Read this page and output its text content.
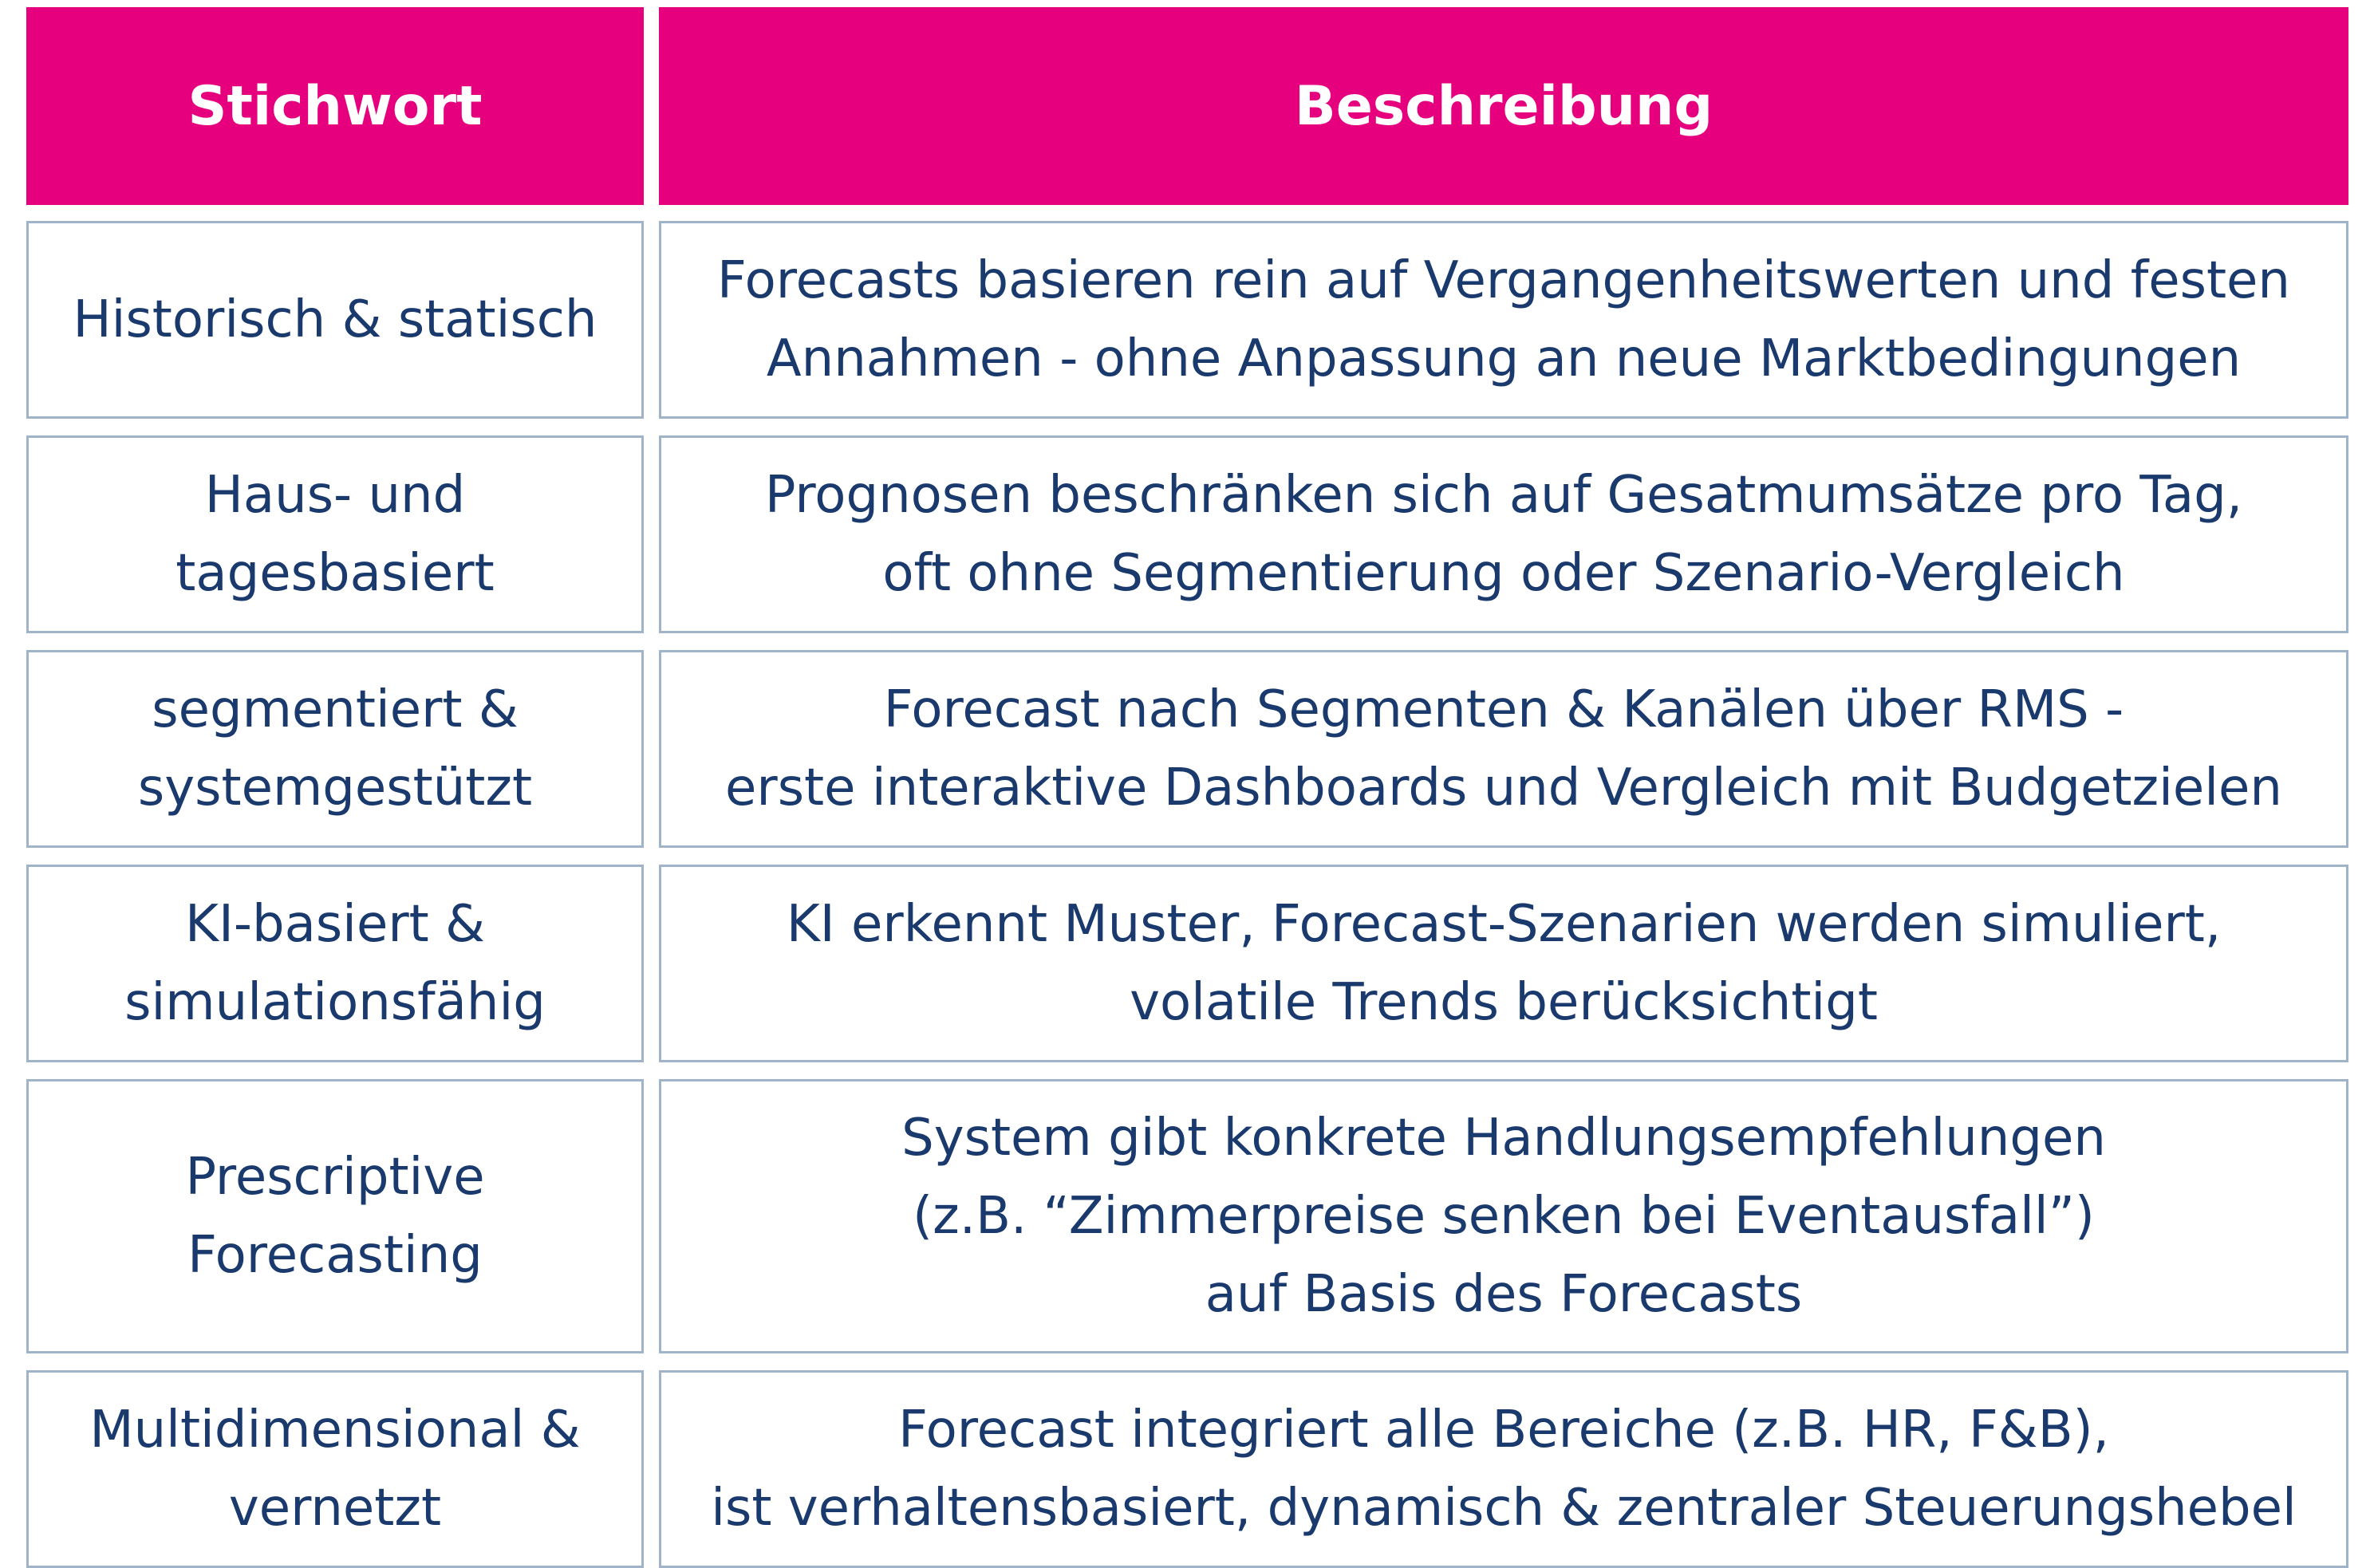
Stichwort	Beschreibung
Historisch & statisch
Forecasts basieren rein auf Vergangenheitswerten und festen
Annahmen - ohne Anpassung an neue Marktbedingungen
Haus- und
tagesbasiert
Prognosen beschränken sich auf Gesatmumsätze pro Tag,
oft ohne Segmentierung oder Szenario-Vergleich
segmentiert &
systemgestützt
Forecast nach Segmenten & Kanälen über RMS -
erste interaktive Dashboards und Vergleich mit Budgetzielen
KI-basiert &
simulationsfähig
KI erkennt Muster, Forecast-Szenarien werden simuliert,
volatile Trends berücksichtigt
Prescriptive
Forecasting
System gibt konkrete Handlungsempfehlungen
(z.B. “Zimmerpreise senken bei Eventausfall”)
auf Basis des Forecasts
Multidimensional &
vernetzt
Forecast integriert alle Bereiche (z.B. HR, F&B),
ist verhaltensbasiert, dynamisch & zentraler Steuerungshebel
